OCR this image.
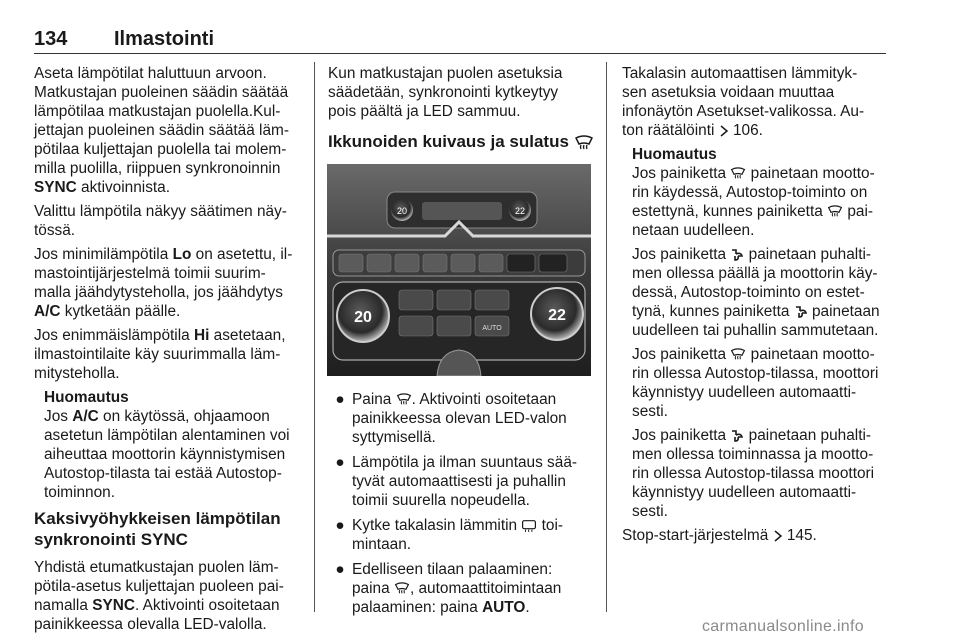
134 Ilmastointi

Aseta lämpötilat haluttuun arvoon.
Matkustajan puoleinen säädin säätää
lämpötilaa matkustajan puolella.Kul-
jettajan puoleinen säädin säätää läm-
pötilaa kuljettajan puolella tai molem-
milla puolilla, riippuen synkronoinnin
SYNC aktivoinnista.

Valittu lämpötila näkyy säätimen näy-
tössä.

Jos minimilämpötila Lo on asetettu, il-
mastointijärjestelmä toimii suurim-
malla jäähdytysteholla, jos jäähdytys
A/C kytketään päälle.

Jos enimmäislämpötila Hi asetetaan,
ilmastointilaite käy suurimmalla läm-
mitysteholla.

Huomautus
Jos A/C on käytössä, ohjaamoon
asetetun lämpötilan alentaminen voi
aiheuttaa moottorin käynnistymisen
Autostop-tilasta tai estää Autostop-
toiminnon.
Kaksivyöhykkeisen lämpötilan
synkronointi SYNC

Yhdistä etumatkustajan puolen läm-
pötila-asetus kuljettajan puoleen pai-
namalla SYNC. Aktivointi osoitetaan
painikkeessa olevalla LED-valolla.

Kun matkustajan puolen asetuksia
säädetään, synkronointi kytkeytyy
pois päältä ja LED sammuu.

Ikkunoiden kuivaus ja sulatus
20	22
20	22
AUTO
● Paina . Aktivointi osoitetaan
painikkeessa olevan LED-valon
syttymisellä.
● Lämpötila ja ilman suuntaus sää-
tyvät automaattisesti ja puhallin
toimii suurella nopeudella.
● Kytke takalasin lämmitin  toi-
mintaan.
● Edelliseen tilaan palaaminen:
paina , automaattitoimintaan
palaaminen: paina AUTO.

Takalasin automaattisen lämmityk-
sen asetuksia voidaan muuttaa
infonäytön Asetukset-valikossa. Au-
ton räätälöinti  106.

Huomautus

Jos painiketta  painetaan mootto-
rin käydessä, Autostop-toiminto on
estettynä, kunnes painiketta  pai-
netaan uudelleen.

Jos painiketta  painetaan puhalti-
men ollessa päällä ja moottorin käy-
dessä, Autostop-toiminto on estet-
tynä, kunnes painiketta  painetaan
uudelleen tai puhallin sammutetaan.

Jos painiketta  painetaan mootto-
rin ollessa Autostop-tilassa, moottori
käynnistyy uudelleen automaatti-
sesti.

Jos painiketta  painetaan puhalti-
men ollessa toiminnassa ja mootto-
rin ollessa Autostop-tilassa moottori
käynnistyy uudelleen automaatti-
sesti.

Stop-start-järjestelmä  145.

carmanualsonline.info
